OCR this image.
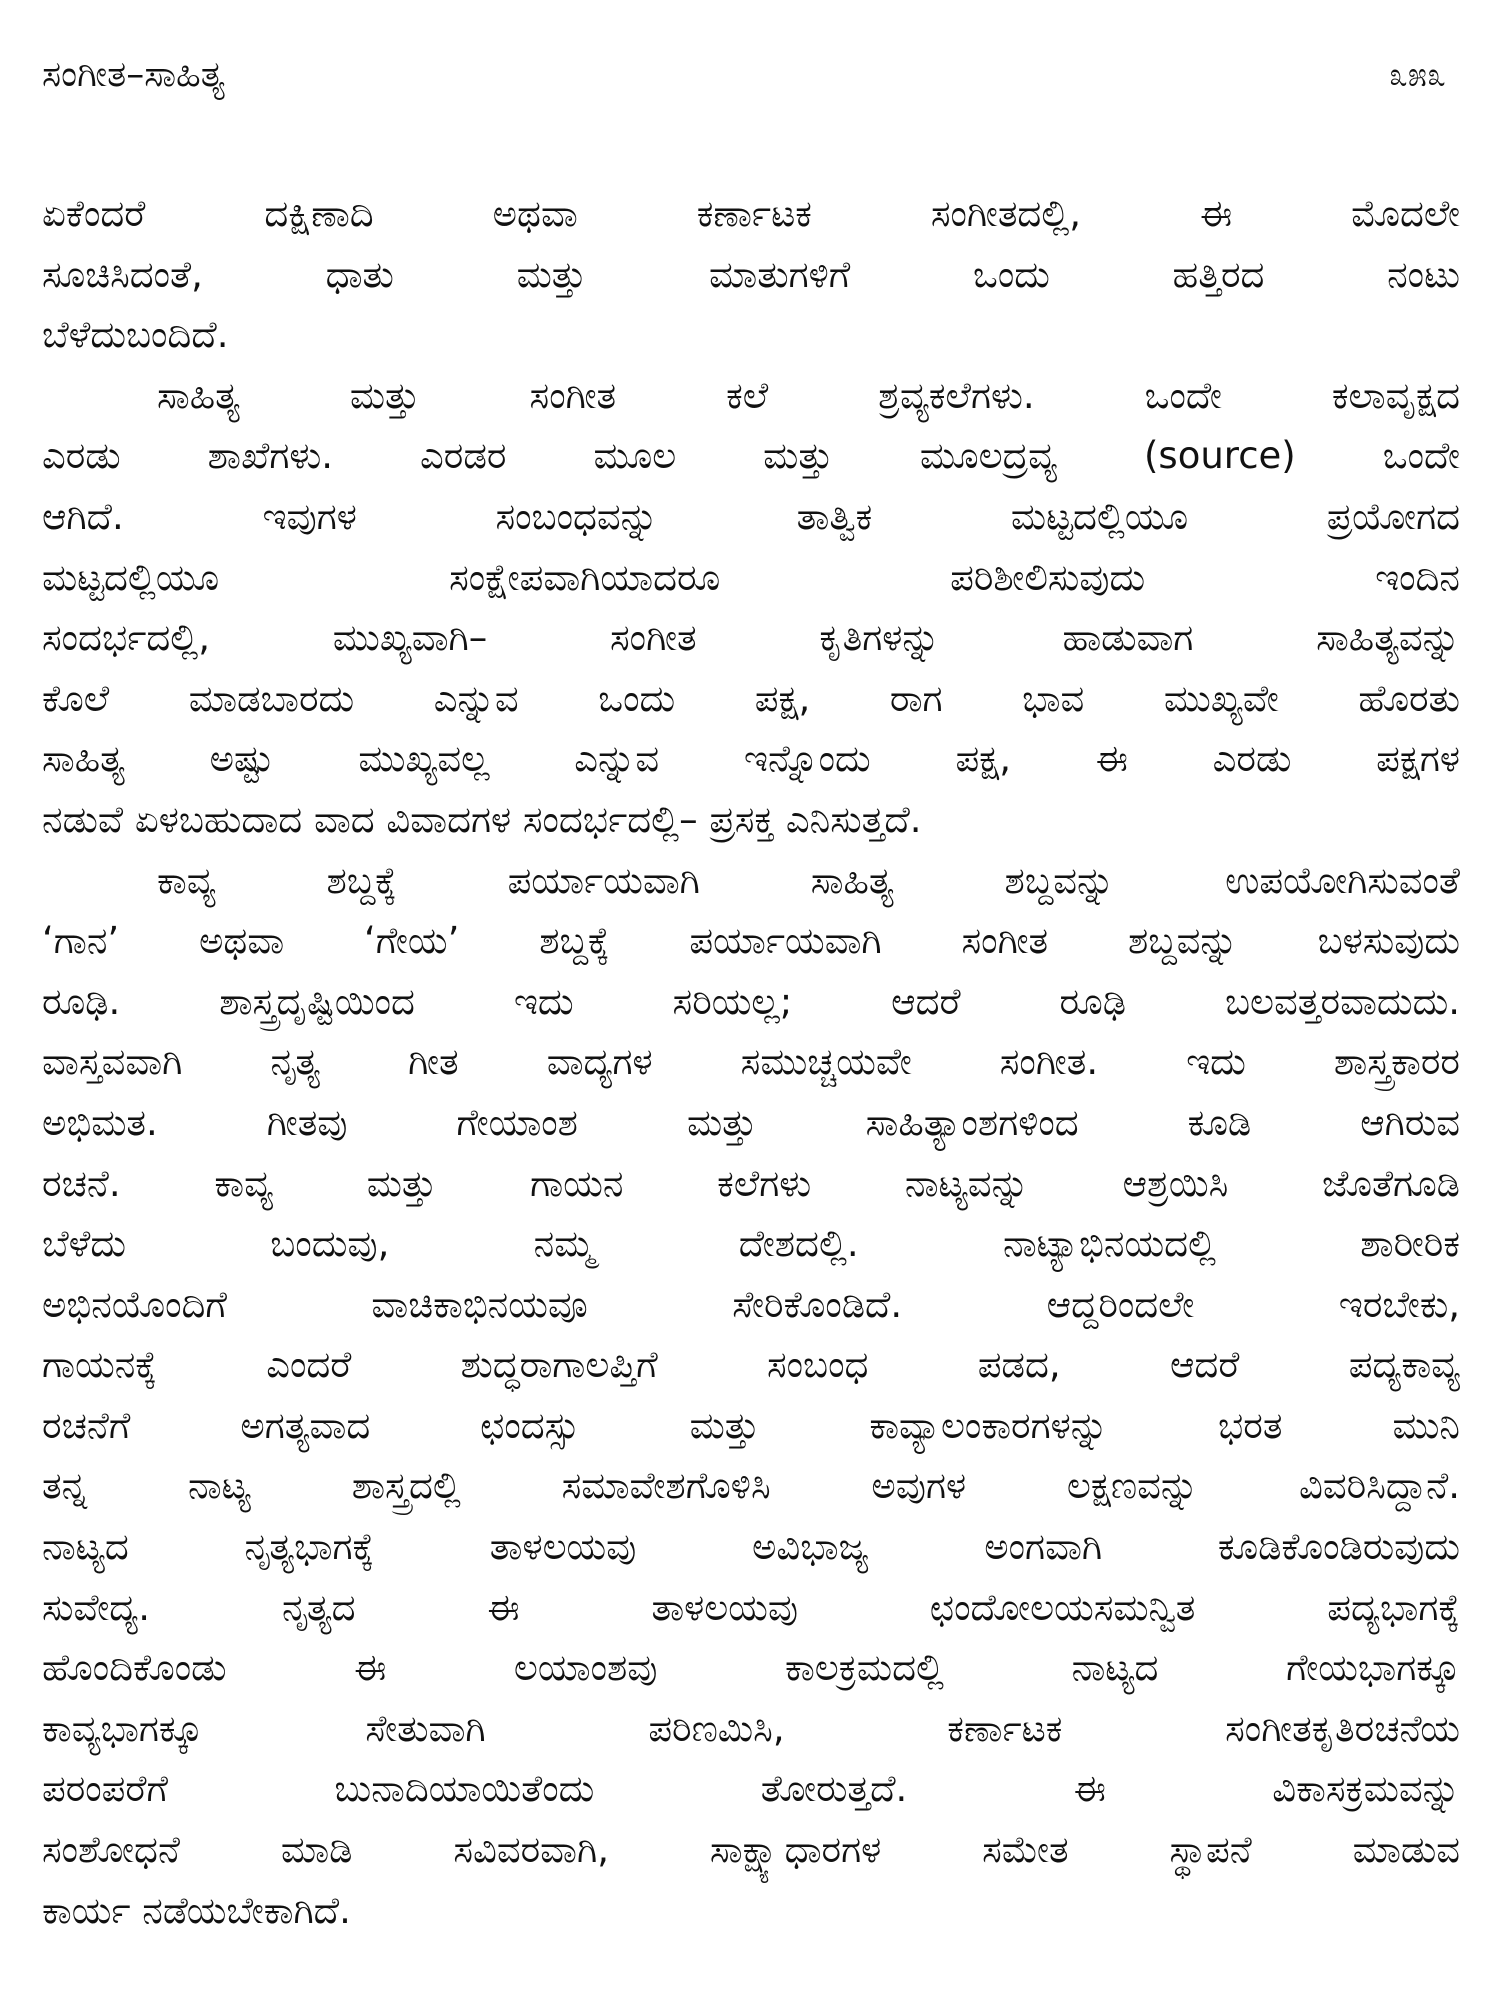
ಸಂಗೀತ–ಸಾಹಿತ್ಯ	೩೫೩
ಏಕೆಂದರೆ ದಕ್ಷಿಣಾದಿ ಅಥವಾ ಕರ್ಣಾಟಕ ಸಂಗೀತದಲ್ಲಿ, ಈ ಮೊದಲೇ
ಸೂಚಿಸಿದಂತೆ, ಧಾತು ಮತ್ತು ಮಾತುಗಳಿಗೆ ಒಂದು ಹತ್ತಿರದ ನಂಟು
ಬೆಳೆದುಬಂದಿದೆ.
ಸಾಹಿತ್ಯ ಮತ್ತು ಸಂಗೀತ ಕಲೆ ಶ್ರವ್ಯಕಲೆಗಳು. ಒಂದೇ ಕಲಾವೃಕ್ಷದ
ಎರಡು ಶಾಖೆಗಳು. ಎರಡರ ಮೂಲ ಮತ್ತು ಮೂಲದ್ರವ್ಯ (source) ಒಂದೇ
ಆಗಿದೆ. ಇವುಗಳ ಸಂಬಂಧವನ್ನು ತಾತ್ವಿಕ ಮಟ್ಟದಲ್ಲಿಯೂ ಪ್ರಯೋಗದ
ಮಟ್ಟದಲ್ಲಿಯೂ ಸಂಕ್ಷೇಪವಾಗಿಯಾದರೂ ಪರಿಶೀಲಿಸುವುದು ಇಂದಿನ
ಸಂದರ್ಭದಲ್ಲಿ, ಮುಖ್ಯವಾಗಿ– ಸಂಗೀತ ಕೃತಿಗಳನ್ನು ಹಾಡುವಾಗ ಸಾಹಿತ್ಯವನ್ನು
ಕೊಲೆ ಮಾಡಬಾರದು ಎನ್ನುವ ಒಂದು ಪಕ್ಷ, ರಾಗ ಭಾವ ಮುಖ್ಯವೇ ಹೊರತು
ಸಾಹಿತ್ಯ ಅಷ್ಟು ಮುಖ್ಯವಲ್ಲ ಎನ್ನುವ ಇನ್ನೊಂದು ಪಕ್ಷ, ಈ ಎರಡು ಪಕ್ಷಗಳ
ನಡುವೆ ಏಳಬಹುದಾದ ವಾದ ವಿವಾದಗಳ ಸಂದರ್ಭದಲ್ಲಿ– ಪ್ರಸಕ್ತ ಎನಿಸುತ್ತದೆ.
ಕಾವ್ಯ ಶಬ್ದಕ್ಕೆ ಪರ್ಯಾಯವಾಗಿ ಸಾಹಿತ್ಯ ಶಬ್ದವನ್ನು ಉಪಯೋಗಿಸುವಂತೆ
‘ಗಾನ’ ಅಥವಾ ‘ಗೇಯ’ ಶಬ್ದಕ್ಕೆ ಪರ್ಯಾಯವಾಗಿ ಸಂಗೀತ ಶಬ್ದವನ್ನು ಬಳಸುವುದು
ರೂಢಿ. ಶಾಸ್ತ್ರದೃಷ್ಟಿಯಿಂದ ಇದು ಸರಿಯಲ್ಲ; ಆದರೆ ರೂಢಿ ಬಲವತ್ತರವಾದುದು.
ವಾಸ್ತವವಾಗಿ ನೃತ್ಯ ಗೀತ ವಾದ್ಯಗಳ ಸಮುಚ್ಚಯವೇ ಸಂಗೀತ. ಇದು ಶಾಸ್ತ್ರಕಾರರ
ಅಭಿಮತ. ಗೀತವು ಗೇಯಾಂಶ ಮತ್ತು ಸಾಹಿತ್ಯಾಂಶಗಳಿಂದ ಕೂಡಿ ಆಗಿರುವ
ರಚನೆ. ಕಾವ್ಯ ಮತ್ತು ಗಾಯನ ಕಲೆಗಳು ನಾಟ್ಯವನ್ನು ಆಶ್ರಯಿಸಿ ಜೊತೆಗೂಡಿ
ಬೆಳೆದು ಬಂದುವು, ನಮ್ಮ ದೇಶದಲ್ಲಿ. ನಾಟ್ಯಾಭಿನಯದಲ್ಲಿ ಶಾರೀರಿಕ
ಅಭಿನಯೊಂದಿಗೆ ವಾಚಿಕಾಭಿನಯವೂ ಸೇರಿಕೊಂಡಿದೆ. ಆದ್ದರಿಂದಲೇ ಇರಬೇಕು,
ಗಾಯನಕ್ಕೆ ಎಂದರೆ ಶುದ್ಧರಾಗಾಲಪ್ತಿಗೆ ಸಂಬಂಧ ಪಡದ, ಆದರೆ ಪದ್ಯಕಾವ್ಯ
ರಚನೆಗೆ ಅಗತ್ಯವಾದ ಛಂದಸ್ಸು ಮತ್ತು ಕಾವ್ಯಾಲಂಕಾರಗಳನ್ನು ಭರತ ಮುನಿ
ತನ್ನ ನಾಟ್ಯ ಶಾಸ್ತ್ರದಲ್ಲಿ ಸಮಾವೇಶಗೊಳಿಸಿ ಅವುಗಳ ಲಕ್ಷಣವನ್ನು ವಿವರಿಸಿದ್ದಾನೆ.
ನಾಟ್ಯದ ನೃತ್ಯಭಾಗಕ್ಕೆ ತಾಳಲಯವು ಅವಿಭಾಜ್ಯ ಅಂಗವಾಗಿ ಕೂಡಿಕೊಂಡಿರುವುದು
ಸುವೇದ್ಯ. ನೃತ್ಯದ ಈ ತಾಳಲಯವು ಛಂದೋಲಯಸಮನ್ವಿತ ಪದ್ಯಭಾಗಕ್ಕೆ
ಹೊಂದಿಕೊಂಡು ಈ ಲಯಾಂಶವು ಕಾಲಕ್ರಮದಲ್ಲಿ ನಾಟ್ಯದ ಗೇಯಭಾಗಕ್ಕೂ
ಕಾವ್ಯಭಾಗಕ್ಕೂ ಸೇತುವಾಗಿ ಪರಿಣಮಿಸಿ, ಕರ್ಣಾಟಕ ಸಂಗೀತಕೃತಿರಚನೆಯ
ಪರಂಪರೆಗೆ ಬುನಾದಿಯಾಯಿತೆಂದು ತೋರುತ್ತದೆ. ಈ ವಿಕಾಸಕ್ರಮವನ್ನು
ಸಂಶೋಧನೆ ಮಾಡಿ ಸವಿವರವಾಗಿ, ಸಾಕ್ಷ್ಯಾಧಾರಗಳ ಸಮೇತ ಸ್ಥಾಪನೆ ಮಾಡುವ
ಕಾರ್ಯ ನಡೆಯಬೇಕಾಗಿದೆ.
